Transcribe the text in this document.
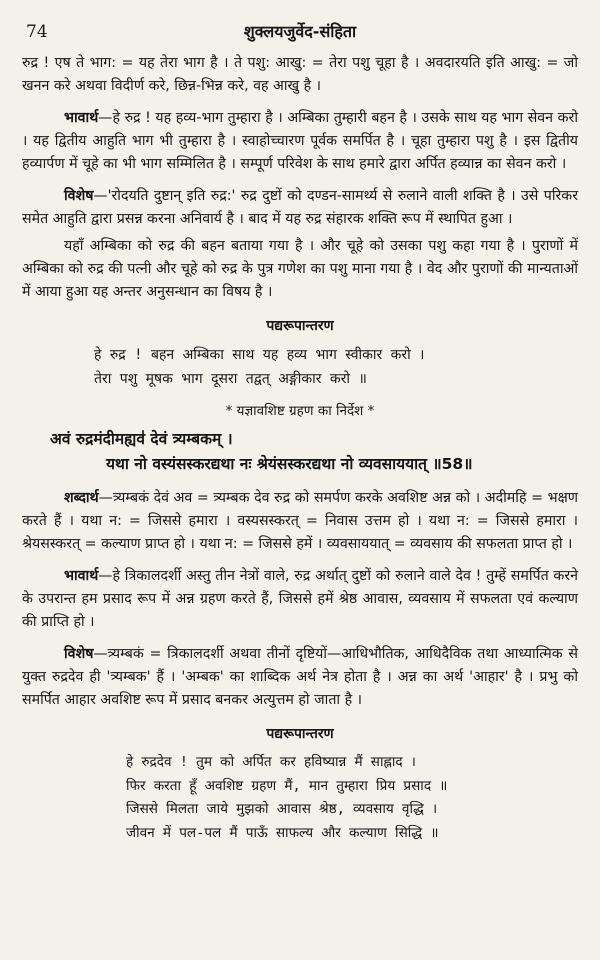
74	शुक्लयजुर्वेद-संहिता

रुद्र ! एष ते भाग: = यह तेरा भाग है । ते पशु: आखु: = तेरा पशु चूहा है । अवदारयति इति आखु: = जो खनन करे अथवा विदीर्ण करे, छिन्न-भिन्न करे, वह आखु है ।

भावार्थ—हे रुद्र ! यह हव्य-भाग तुम्हारा है । अम्बिका तुम्हारी बहन है । उसके साथ यह भाग सेवन करो । यह द्वितीय आहुति भाग भी तुम्हारा है । स्वाहोच्चारण पूर्वक समर्पित है । चूहा तुम्हारा पशु है । इस द्वितीय हव्यार्पण में चूहे का भी भाग सम्मिलित है । सम्पूर्ण परिवेश के साथ हमारे द्वारा अर्पित हव्यान्न का सेवन करो ।

विशेष—'रोदयति दुष्टान् इति रुद्र:' रुद्र दुष्टों को दण्डन-सामर्थ्य से रुलाने वाली शक्ति है । उसे परिकर समेत आहुति द्वारा प्रसन्न करना अनिवार्य है । बाद में यह रुद्र संहारक शक्ति रूप में स्थापित हुआ ।

यहाँ अम्बिका को रुद्र की बहन बताया गया है । और चूहे को उसका पशु कहा गया है । पुराणों में अम्बिका को रुद्र की पत्नी और चूहे को रुद्र के पुत्र गणेश का पशु माना गया है । वेद और पुराणों की मान्यताओं में आया हुआ यह अन्तर अनुसन्धान का विषय है ।

पद्यरूपान्तरण
हे रुद्र ! बहन अम्बिका साथ यह हव्य भाग स्वीकार करो ।
तेरा पशु मूषक भाग दूसरा तद्वत् अङ्गीकार करो ॥
* यज्ञावशिष्ट ग्रहण का निर्देश *
अवं रुद्रमंदीमह्यव॑ देवं त्र्यम्बकम् ।
यथा नो वस्यंसस्करद्यथा नः श्रेयंसस्करद्यथा नो व्यवसाययात् ॥58॥

शब्दार्थ—त्र्यम्बकं देवं अव = त्र्यम्बक देव रुद्र को समर्पण करके अवशिष्ट अन्न को । अदीमहि = भक्षण करते हैं । यथा न: = जिससे हमारा । वस्यसस्करत् = निवास उत्तम हो । यथा न: = जिससे हमारा । श्रेयसस्करत् = कल्याण प्राप्त हो । यथा न: = जिससे हमें । व्यवसाययात् = व्यवसाय की सफलता प्राप्त हो ।

भावार्थ—हे त्रिकालदर्शी अस्तु तीन नेत्रों वाले, रुद्र अर्थात् दुष्टों को रुलाने वाले देव ! तुम्हें समर्पित करने के उपरान्त हम प्रसाद रूप में अन्न ग्रहण करते हैं, जिससे हमें श्रेष्ठ आवास, व्यवसाय में सफलता एवं कल्याण की प्राप्ति हो ।

विशेष—त्र्यम्बकं = त्रिकालदर्शी अथवा तीनों दृष्टियों—आधिभौतिक, आधिदैविक तथा आध्यात्मिक से युक्त रुद्रदेव ही 'त्र्यम्बक' हैं । 'अम्बक' का शाब्दिक अर्थ नेत्र होता है । अन्न का अर्थ 'आहार' है । प्रभु को समर्पित आहार अवशिष्ट रूप में प्रसाद बनकर अत्युत्तम हो जाता है ।

पद्यरूपान्तरण
हे रुद्रदेव ! तुम को अर्पित कर हविष्यान्न मैं साह्लाद ।
फिर करता हूँ अवशिष्ट ग्रहण मैं, मान तुम्हारा प्रिय प्रसाद ॥
जिससे मिलता जाये मुझको आवास श्रेष्ठ, व्यवसाय वृद्धि ।
जीवन में पल-पल मैं पाऊँ साफल्य और कल्याण सिद्धि ॥
